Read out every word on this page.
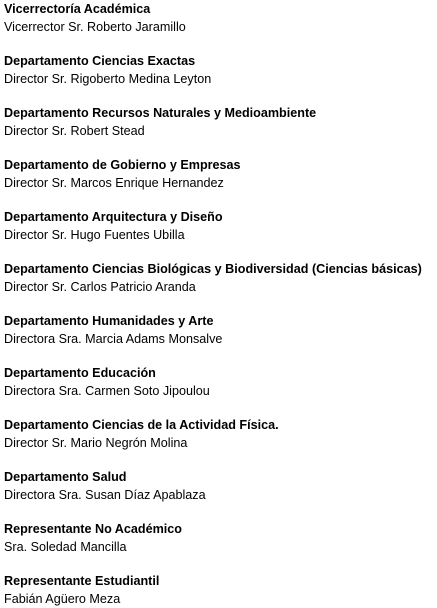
Vicerrectoría Académica
Vicerrector Sr. Roberto Jaramillo
Departamento Ciencias Exactas
Director Sr. Rigoberto Medina Leyton
Departamento Recursos Naturales y Medioambiente
Director Sr. Robert Stead
Departamento de Gobierno y Empresas
Director Sr. Marcos Enrique Hernandez
Departamento Arquitectura y Diseño
Director Sr. Hugo Fuentes Ubilla
Departamento Ciencias Biológicas y Biodiversidad (Ciencias básicas)
Director Sr. Carlos Patricio Aranda
Departamento Humanidades y Arte
Directora Sra. Marcia Adams Monsalve
Departamento Educación
Directora Sra. Carmen Soto Jipoulou
Departamento Ciencias de la Actividad Física.
Director Sr. Mario Negrón Molina
Departamento Salud
Directora Sra. Susan Díaz Apablaza
Representante No Académico
Sra. Soledad Mancilla
Representante Estudiantil
Fabián Agüero Meza
